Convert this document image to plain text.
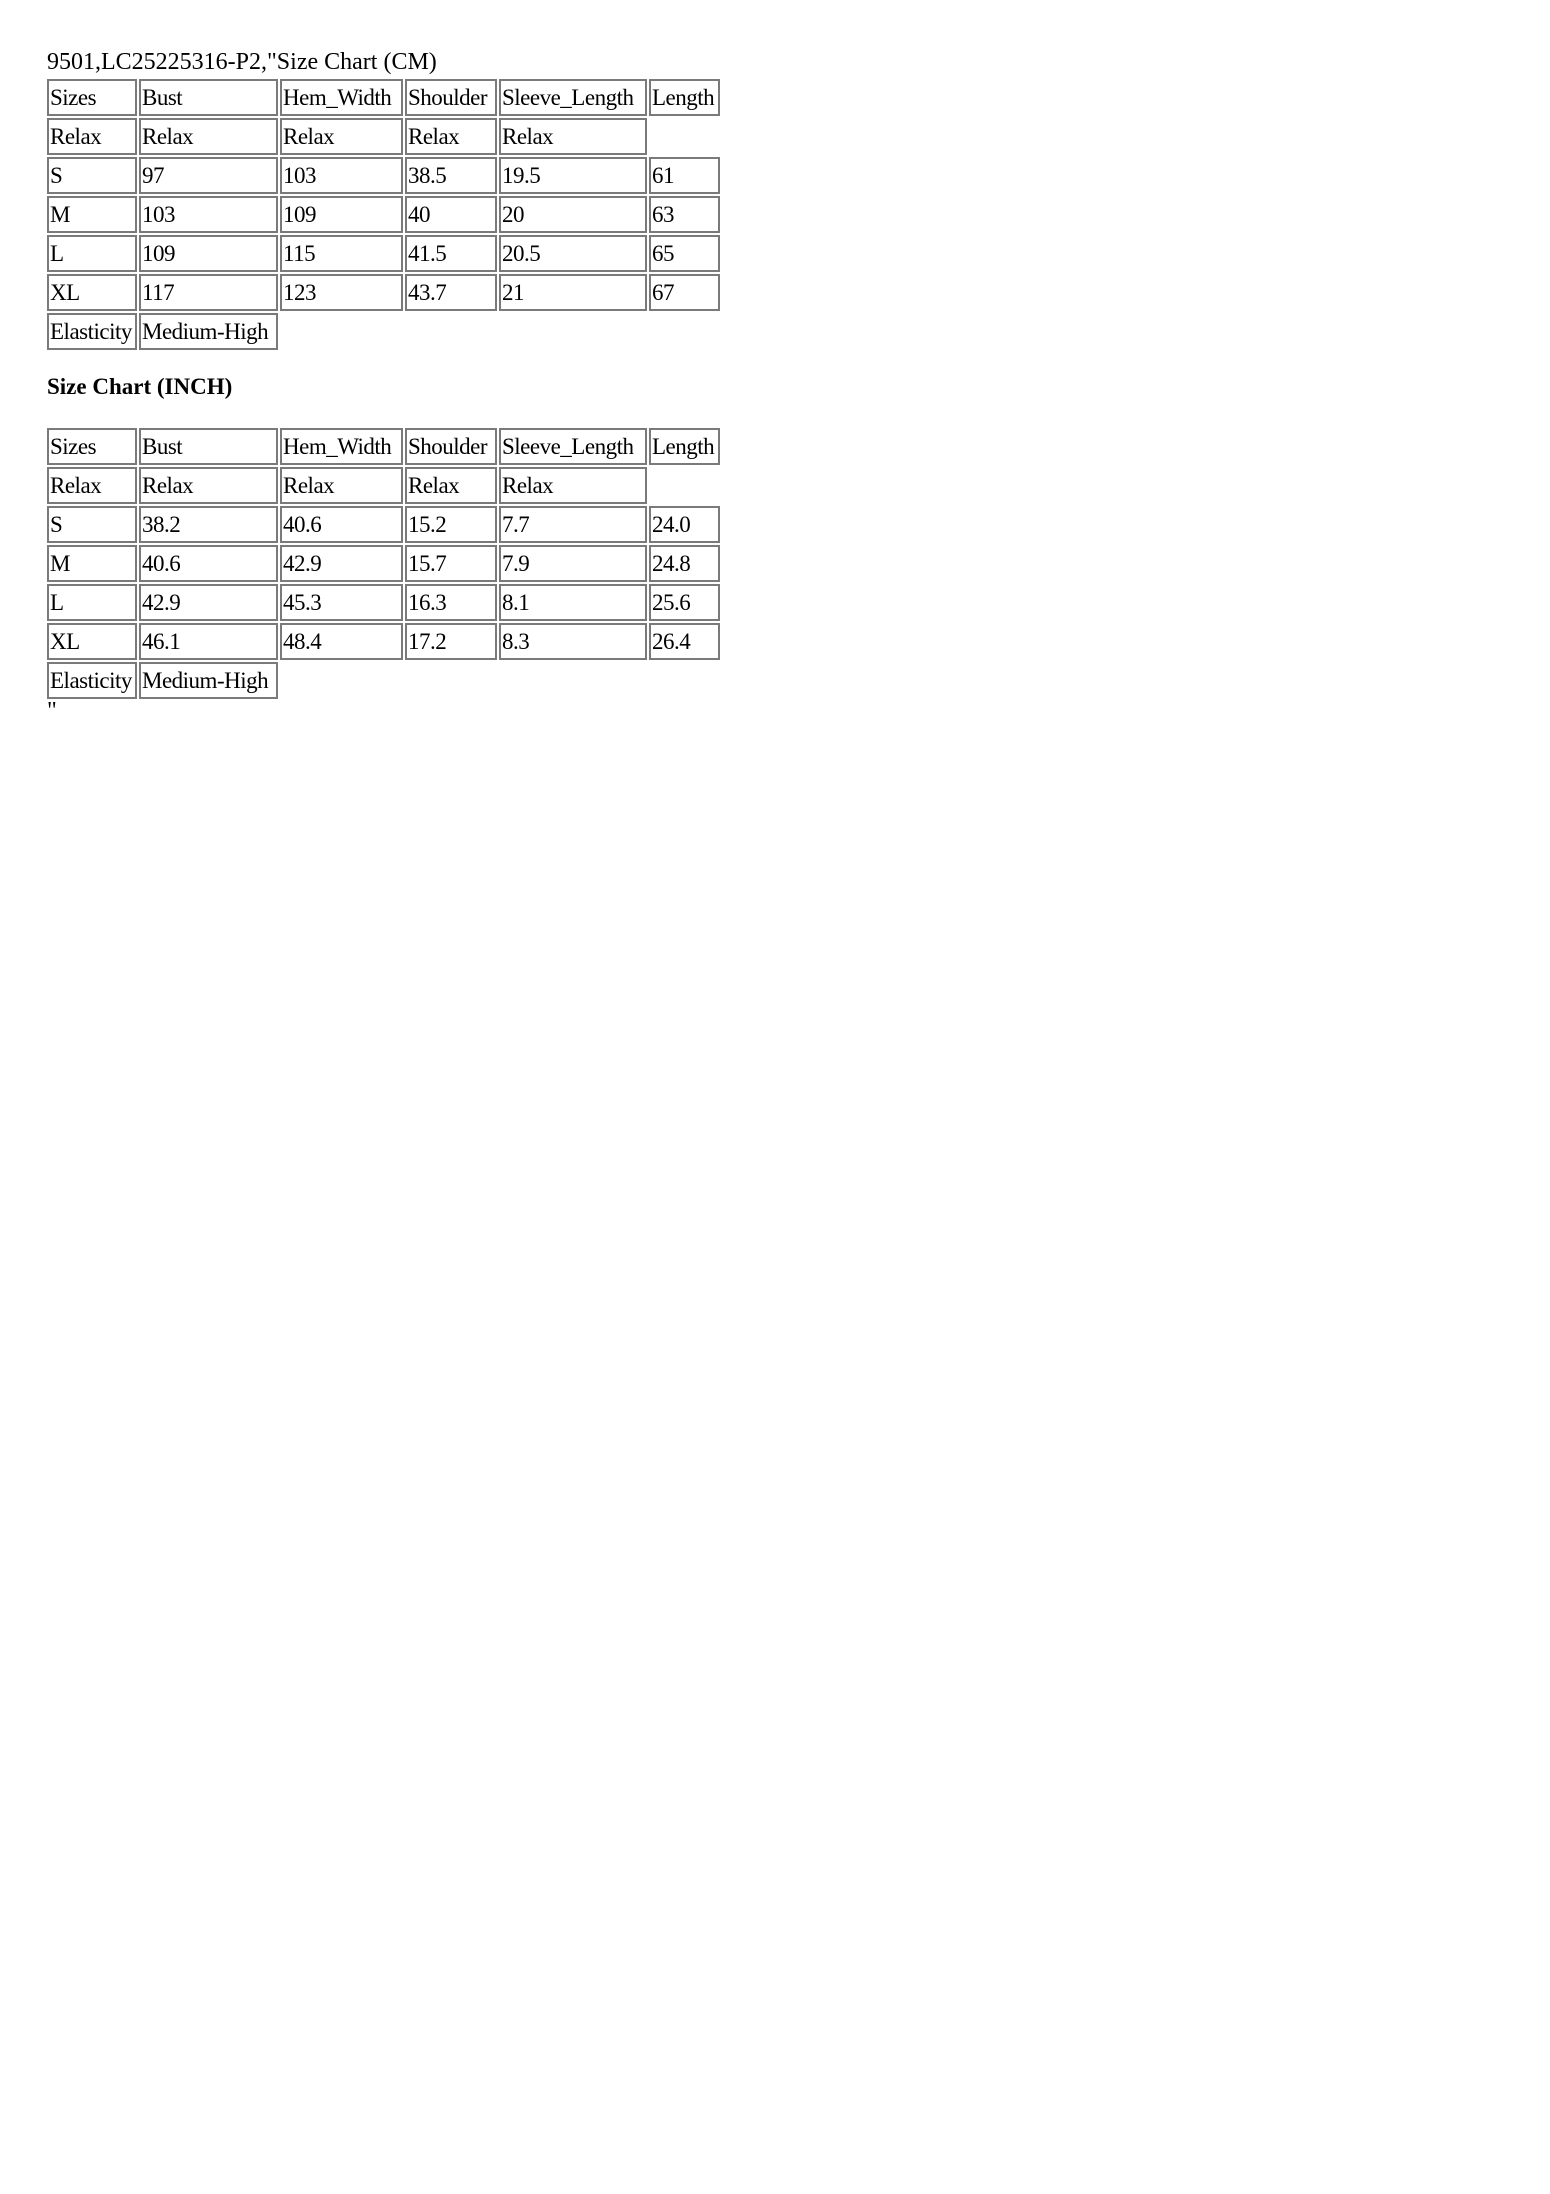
9501,LC25225316-P2,"Size Chart (CM)
Sizes	Bust	Hem_Width	Shoulder	Sleeve_Length	Length
Relax	Relax	Relax	Relax	Relax	
S	97	103	38.5	19.5	61
M	103	109	40	20	63
L	109	115	41.5	20.5	65
XL	117	123	43.7	21	67
Elasticity	Medium-High				
Size Chart (INCH)
Sizes	Bust	Hem_Width	Shoulder	Sleeve_Length	Length
Relax	Relax	Relax	Relax	Relax	
S	38.2	40.6	15.2	7.7	24.0
M	40.6	42.9	15.7	7.9	24.8
L	42.9	45.3	16.3	8.1	25.6
XL	46.1	48.4	17.2	8.3	26.4
Elasticity	Medium-High				
"
